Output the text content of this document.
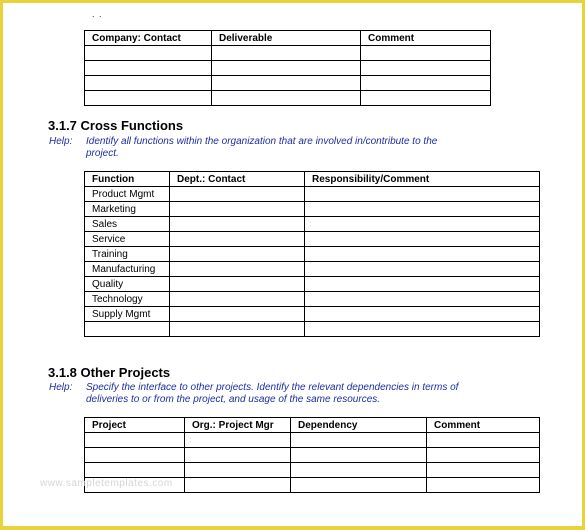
. .
Company: Contact	Deliverable	Comment

3.1.7 Cross Functions
Help: Identify all functions within the organization that are involved in/contribute to the project.

Function	Dept.: Contact	Responsibility/Comment
Product Mgmt		
Marketing		
Sales		
Service		
Training		
Manufacturing		
Quality		
Technology		
Supply Mgmt		

3.1.8 Other Projects
Help: Specify the interface to other projects. Identify the relevant dependencies in terms of deliveries to or from the project, and usage of the same resources.

Project	Org.: Project Mgr	Dependency	Comment

www.sampletemplates.com
